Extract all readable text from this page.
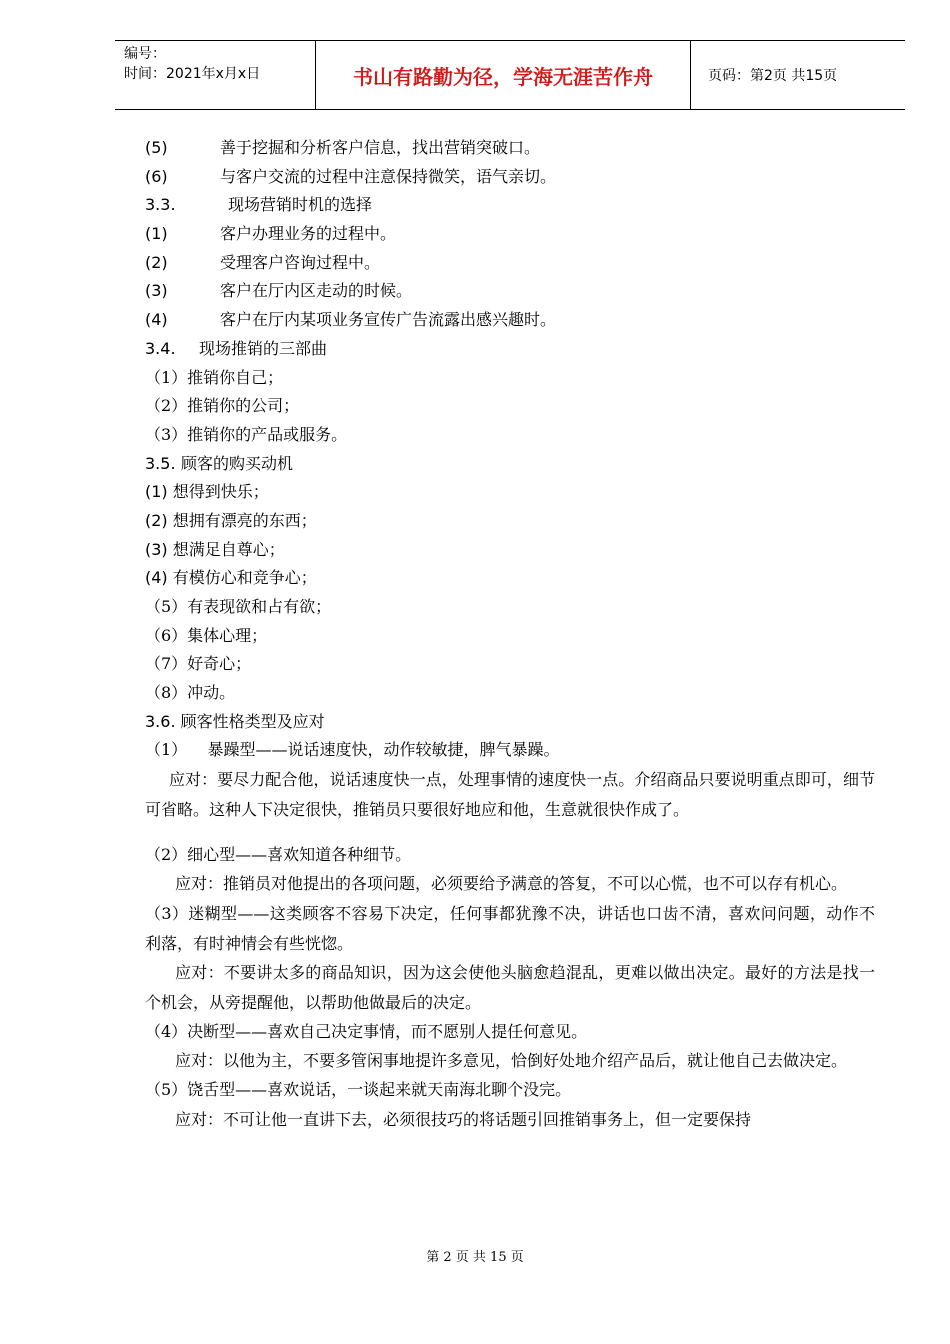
编号：
时间：2021年x月x日	书山有路勤为径，学海无涯苦作舟	页码：第2页 共15页
(5)	善于挖掘和分析客户信息，找出营销突破口。
(6)	与客户交流的过程中注意保持微笑，语气亲切。
3.3.	现场营销时机的选择
(1)	客户办理业务的过程中。
(2)	受理客户咨询过程中。
(3)	客户在厅内区走动的时候。
(4)	客户在厅内某项业务宣传广告流露出感兴趣时。
3.4. 现场推销的三部曲
（1）推销你自己；
（2）推销你的公司；
（3）推销你的产品或服务。
3.5. 顾客的购买动机
(1) 想得到快乐；
(2) 想拥有漂亮的东西；
(3) 想满足自尊心；
(4) 有模仿心和竞争心；
（5）有表现欲和占有欲；
（6）集体心理；
（7）好奇心；
（8）冲动。
3.6. 顾客性格类型及应对
（1）    暴躁型——说话速度快，动作较敏捷，脾气暴躁。

应对：要尽力配合他，说话速度快一点，处理事情的速度快一点。介绍商品只要说明重点即可，细节可省略。这种人下决定很快，推销员只要很好地应和他，生意就很快作成了。

（2）细心型——喜欢知道各种细节。

应对：推销员对他提出的各项问题，必须要给予满意的答复，不可以心慌，也不可以存有机心。

（3）迷糊型——这类顾客不容易下决定，任何事都犹豫不决，讲话也口齿不清，喜欢问问题，动作不利落，有时神情会有些恍惚。

应对：不要讲太多的商品知识，因为这会使他头脑愈趋混乱，更难以做出决定。最好的方法是找一个机会，从旁提醒他，以帮助他做最后的决定。

（4）决断型——喜欢自己决定事情，而不愿别人提任何意见。

应对：以他为主，不要多管闲事地提许多意见，恰倒好处地介绍产品后，就让他自己去做决定。

（5）饶舌型——喜欢说话，一谈起来就天南海北聊个没完。

应对：不可让他一直讲下去，必须很技巧的将话题引回推销事务上，但一定要保持

第 2 页 共 15 页
